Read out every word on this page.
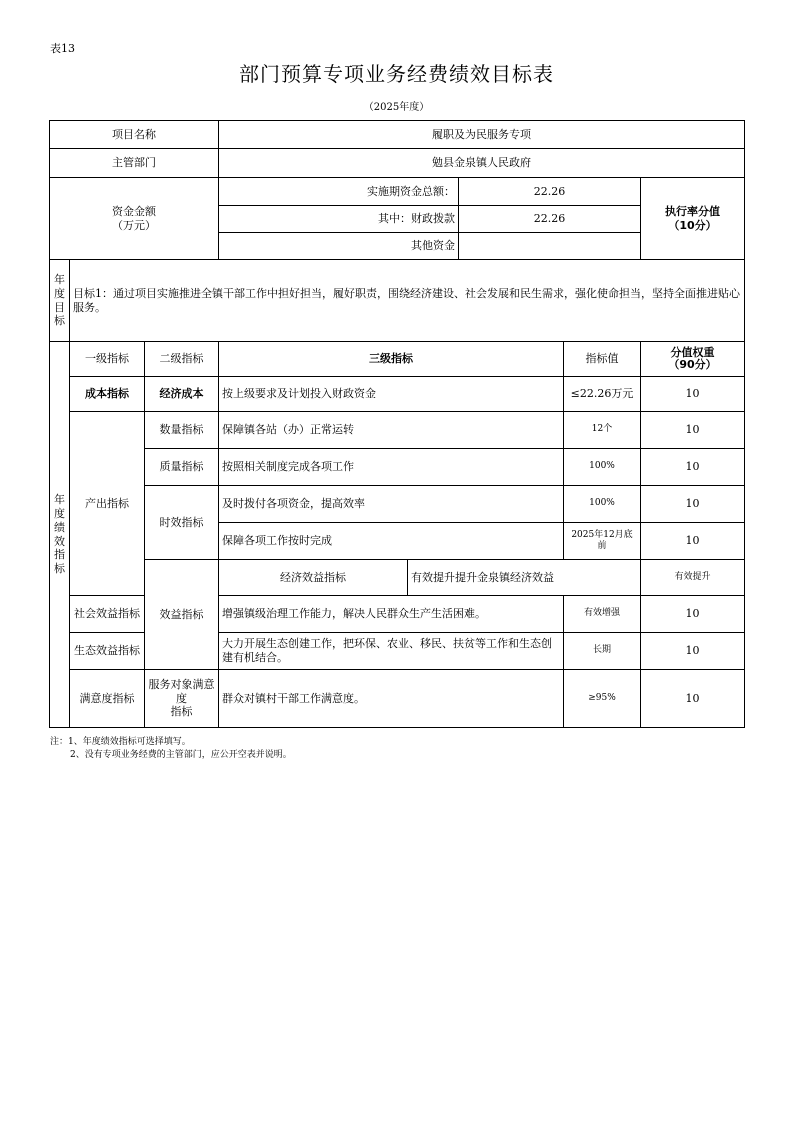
表13
部门预算专项业务经费绩效目标表
（2025年度）
项目名称			履职及为民服务专项					
主管部门			勉县金泉镇人民政府					
资金金额
（万元）			实施期资金总额：		22.26		执行率分值
（10分）	
			其中：财政拨款		22.26			
			其他资金					

年度目标	目标1：通过项目实施推进全镇干部工作中担好担当，履好职责，围绕经济建设、社会发展和民生需求，强化使命担当，坚持全面推进贴心服务。							

年度绩效指标	一级指标	二级指标	三级指标			指标值	分值权重
（90分）	
	成本指标	经济成本	按上级要求及计划投入财政资金			≤22.26万元	10	
	产出指标	数量指标	保障镇各站（办）正常运转			12个	10	
		质量指标	按照相关制度完成各项工作			100%	10	
		时效指标	及时拨付各项资金，提高效率			100%	10	
			保障各项工作按时完成			2025年12月底前	10	
		效益指标	经济效益指标	有效提升提升金泉镇经济效益			有效提升	
	社会效益指标		增强镇级治理工作能力，解决人民群众生产生活困难。			有效增强	10	
	生态效益指标		大力开展生态创建工作，把环保、农业、移民、扶贫等工作和生态创建有机结合。			长期	10	
	满意度指标	服务对象满意度
指标	群众对镇村干部工作满意度。			≥95%	10	
注：1、年度绩效指标可选择填写。
2、没有专项业务经费的主管部门，应公开空表并说明。
